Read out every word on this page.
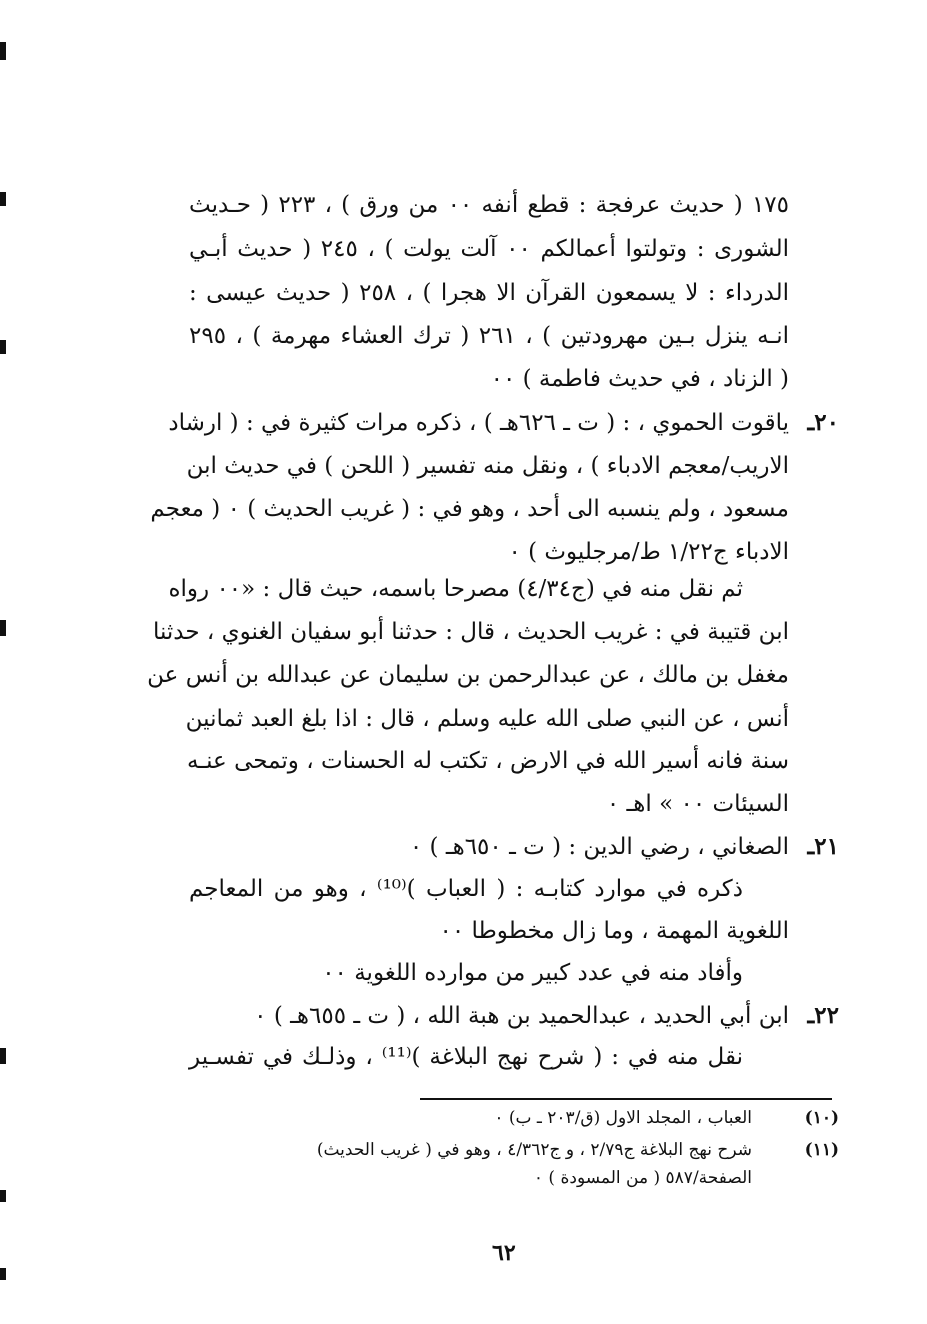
١٧٥ ( حديث عرفجة : قطع أنفه ٠٠ من ورق ) ، ٢٢٣ ( حـديث
الشورى : وتولتوا أعمالكم ٠٠ آلت يولت ) ، ٢٤٥ ( حديث أبـي
الدرداء : لا يسمعون القرآن الا هجرا ) ، ٢٥٨ ( حديث عيسى :
انـه ينزل بـين مهرودتين ) ، ٢٦١ ( ترك العشاء مهرمة ) ، ٢٩٥
( الزناد ، في حديث فاطمة ) ٠٠
٢٠ـ
ياقوت الحموي ، : ( ت ـ ٦٢٦هـ ) ، ذكره مرات كثيرة في : ( ارشاد
الاريب/معجم الادباء ) ، ونقل منه تفسير ( اللحن ) في حديث ابن
مسعود ، ولم ينسبه الى أحد ، وهو في : ( غريب الحديث ) ٠ ( معجم
الادباء ج١/٢٢ ط/مرجليوث ) ٠
ثم نقل منه في (ج٤/٣٤) مصرحا باسمه، حيث قال : «٠٠ رواه
ابن قتيبة في : غريب الحديث ، قال : حدثنا أبو سفيان الغنوي ، حدثنا
مغفل بن مالك ، عن عبدالرحمن بن سليمان عن عبدالله بن أنس عن
أنس ، عن النبي صلى الله عليه وسلم ، قال : اذا بلغ العبد ثمانين
سنة فانه أسير الله في الارض ، تكتب له الحسنات ، وتمحى عنـه
السيئات ٠٠ » اهـ ٠
٢١ـ
الصغاني ، رضي الدين : ( ت ـ ٦٥٠هـ ) ٠
ذكره في موارد كتابـه : ( العباب )⁽¹⁰⁾ ، وهو من المعاجم
اللغوية المهمة ، وما زال مخطوطا ٠٠
وأفاد منه في عدد كبير من موارده اللغوية ٠٠
٢٢ـ
ابن أبي الحديد ، عبدالحميد بن هبة الله ، ( ت ـ ٦٥٥هـ ) ٠
نقل منه في : ( شرح نهج البلاغة )⁽¹¹⁾ ، وذلـك في تفسـير
(١٠)
العباب ، المجلد الاول (ق/٢٠٣ ـ ب) ٠
(١١)
شرح نهج البلاغة ج٢/٧٩ ، و ج٤/٣٦٢ ، وهو في ( غريب الحديث)
الصفحة/٥٨٧ ( من المسودة ) ٠
٦٢
